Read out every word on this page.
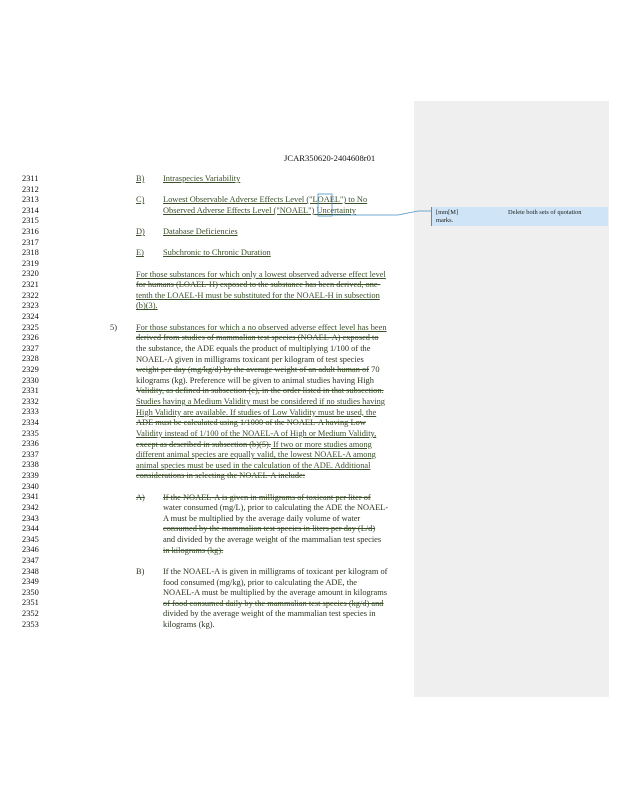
JCAR350620-2404608r01
2311
2312
2313
2314
2315
2316
2317
2318
2319
2320
2321
2322
2323
2324
2325
2326
2327
2328
2329
2330
2331
2332
2333
2334
2335
2336
2337
2338
2339
2340
2341
2342
2343
2344
2345
2346
2347
2348
2349
2350
2351
2352
2353
B) Intraspecies Variability
C) Lowest Observable Adverse Effects Level ("LOAEL") to No
Observed Adverse Effects Level ("NOAEL") Uncertainty
D) Database Deficiencies
E) Subchronic to Chronic Duration
For those substances for which only a lowest observed adverse effect level
for humans (LOAEL-H) exposed to the substance has been derived, one-
tenth the LOAEL-H must be substituted for the NOAEL-H in subsection
(b)(3).
5) For those substances for which a no observed adverse effect level has been
derived from studies of mammalian test species (NOAEL-A) exposed to
the substance, the ADE equals the product of multiplying 1/100 of the
NOAEL-A given in milligrams toxicant per kilogram of test species
weight per day (mg/kg/d) by the average weight of an adult human of 70
kilograms (kg). Preference will be given to animal studies having High
Validity, as defined in subsection (c), in the order listed in that subsection.
Studies having a Medium Validity must be considered if no studies having
High Validity are available. If studies of Low Validity must be used, the
ADE must be calculated using 1/1000 of the NOAEL-A having Low
Validity instead of 1/100 of the NOAEL-A of High or Medium Validity,
except as described in subsection (b)(5). If two or more studies among
different animal species are equally valid, the lowest NOAEL-A among
animal species must be used in the calculation of the ADE. Additional
considerations in selecting the NOAEL-A include:
A) If the NOAEL-A is given in milligrams of toxicant per liter of
water consumed (mg/L), prior to calculating the ADE the NOAEL-
A must be multiplied by the average daily volume of water
consumed by the mammalian test species in liters per day (L/d)
and divided by the average weight of the mammalian test species
in kilograms (kg).
B) If the NOAEL-A is given in milligrams of toxicant per kilogram of
food consumed (mg/kg), prior to calculating the ADE, the
NOAEL-A must be multiplied by the average amount in kilograms
of food consumed daily by the mammalian test species (kg/d) and
divided by the average weight of the mammalian test species in
kilograms (kg).
[mm[M]	Delete both sets of quotation
marks.
